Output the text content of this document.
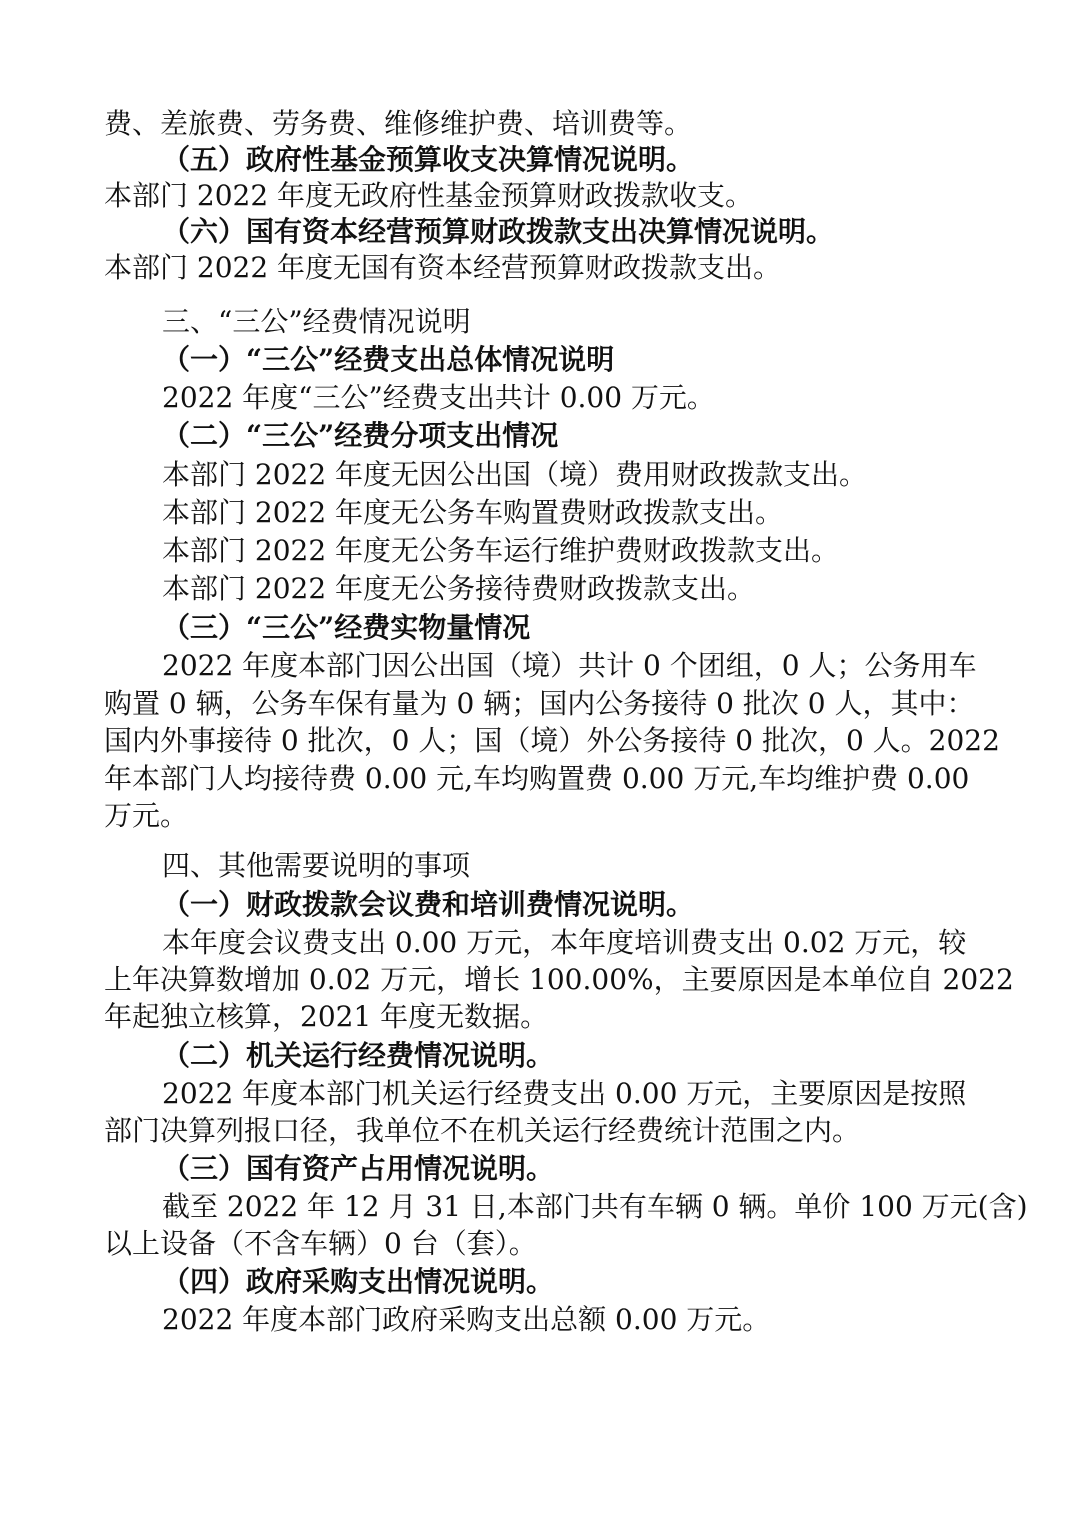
费、差旅费、劳务费、维修维护费、培训费等。

（五）政府性基金预算收支决算情况说明。

本部门 2022 年度无政府性基金预算财政拨款收支。

（六）国有资本经营预算财政拨款支出决算情况说明。

本部门 2022 年度无国有资本经营预算财政拨款支出。

三、“三公”经费情况说明

（一）“三公”经费支出总体情况说明

2022 年度“三公”经费支出共计 0.00 万元。

（二）“三公”经费分项支出情况

本部门 2022 年度无因公出国（境）费用财政拨款支出。

本部门 2022 年度无公务车购置费财政拨款支出。

本部门 2022 年度无公务车运行维护费财政拨款支出。

本部门 2022 年度无公务接待费财政拨款支出。

（三）“三公”经费实物量情况

2022 年度本部门因公出国（境）共计 0 个团组，0 人；公务用车

购置 0 辆，公务车保有量为 0 辆；国内公务接待 0 批次 0 人，其中：

国内外事接待 0 批次，0 人；国（境）外公务接待 0 批次，0 人。2022

年本部门人均接待费 0.00 元,车均购置费 0.00 万元,车均维护费 0.00

万元。

四、其他需要说明的事项

（一）财政拨款会议费和培训费情况说明。

本年度会议费支出 0.00 万元，本年度培训费支出 0.02 万元，较

上年决算数增加 0.02 万元，增长 100.00%，主要原因是本单位自 2022

年起独立核算，2021 年度无数据。

（二）机关运行经费情况说明。

2022 年度本部门机关运行经费支出 0.00 万元，主要原因是按照

部门决算列报口径，我单位不在机关运行经费统计范围之内。

（三）国有资产占用情况说明。

截至 2022 年 12 月 31 日,本部门共有车辆 0 辆。单价 100 万元(含)

以上设备（不含车辆）0 台（套）。

（四）政府采购支出情况说明。

2022 年度本部门政府采购支出总额 0.00 万元。
